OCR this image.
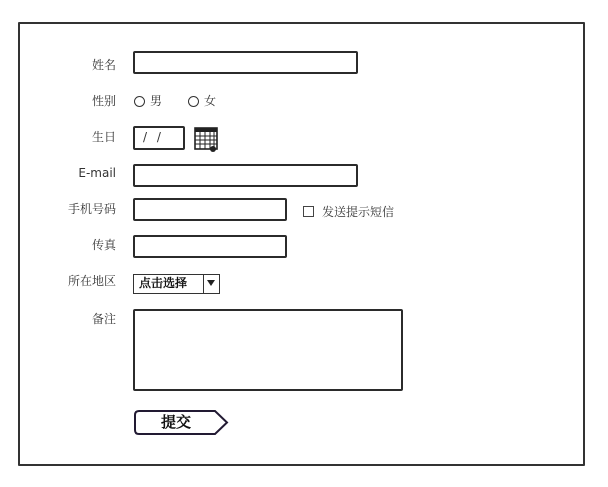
姓名
性别	男	女
生日 / /
E-mail
手机号码	发送提示短信
传真
所在地区 点击选择
备注
提交
